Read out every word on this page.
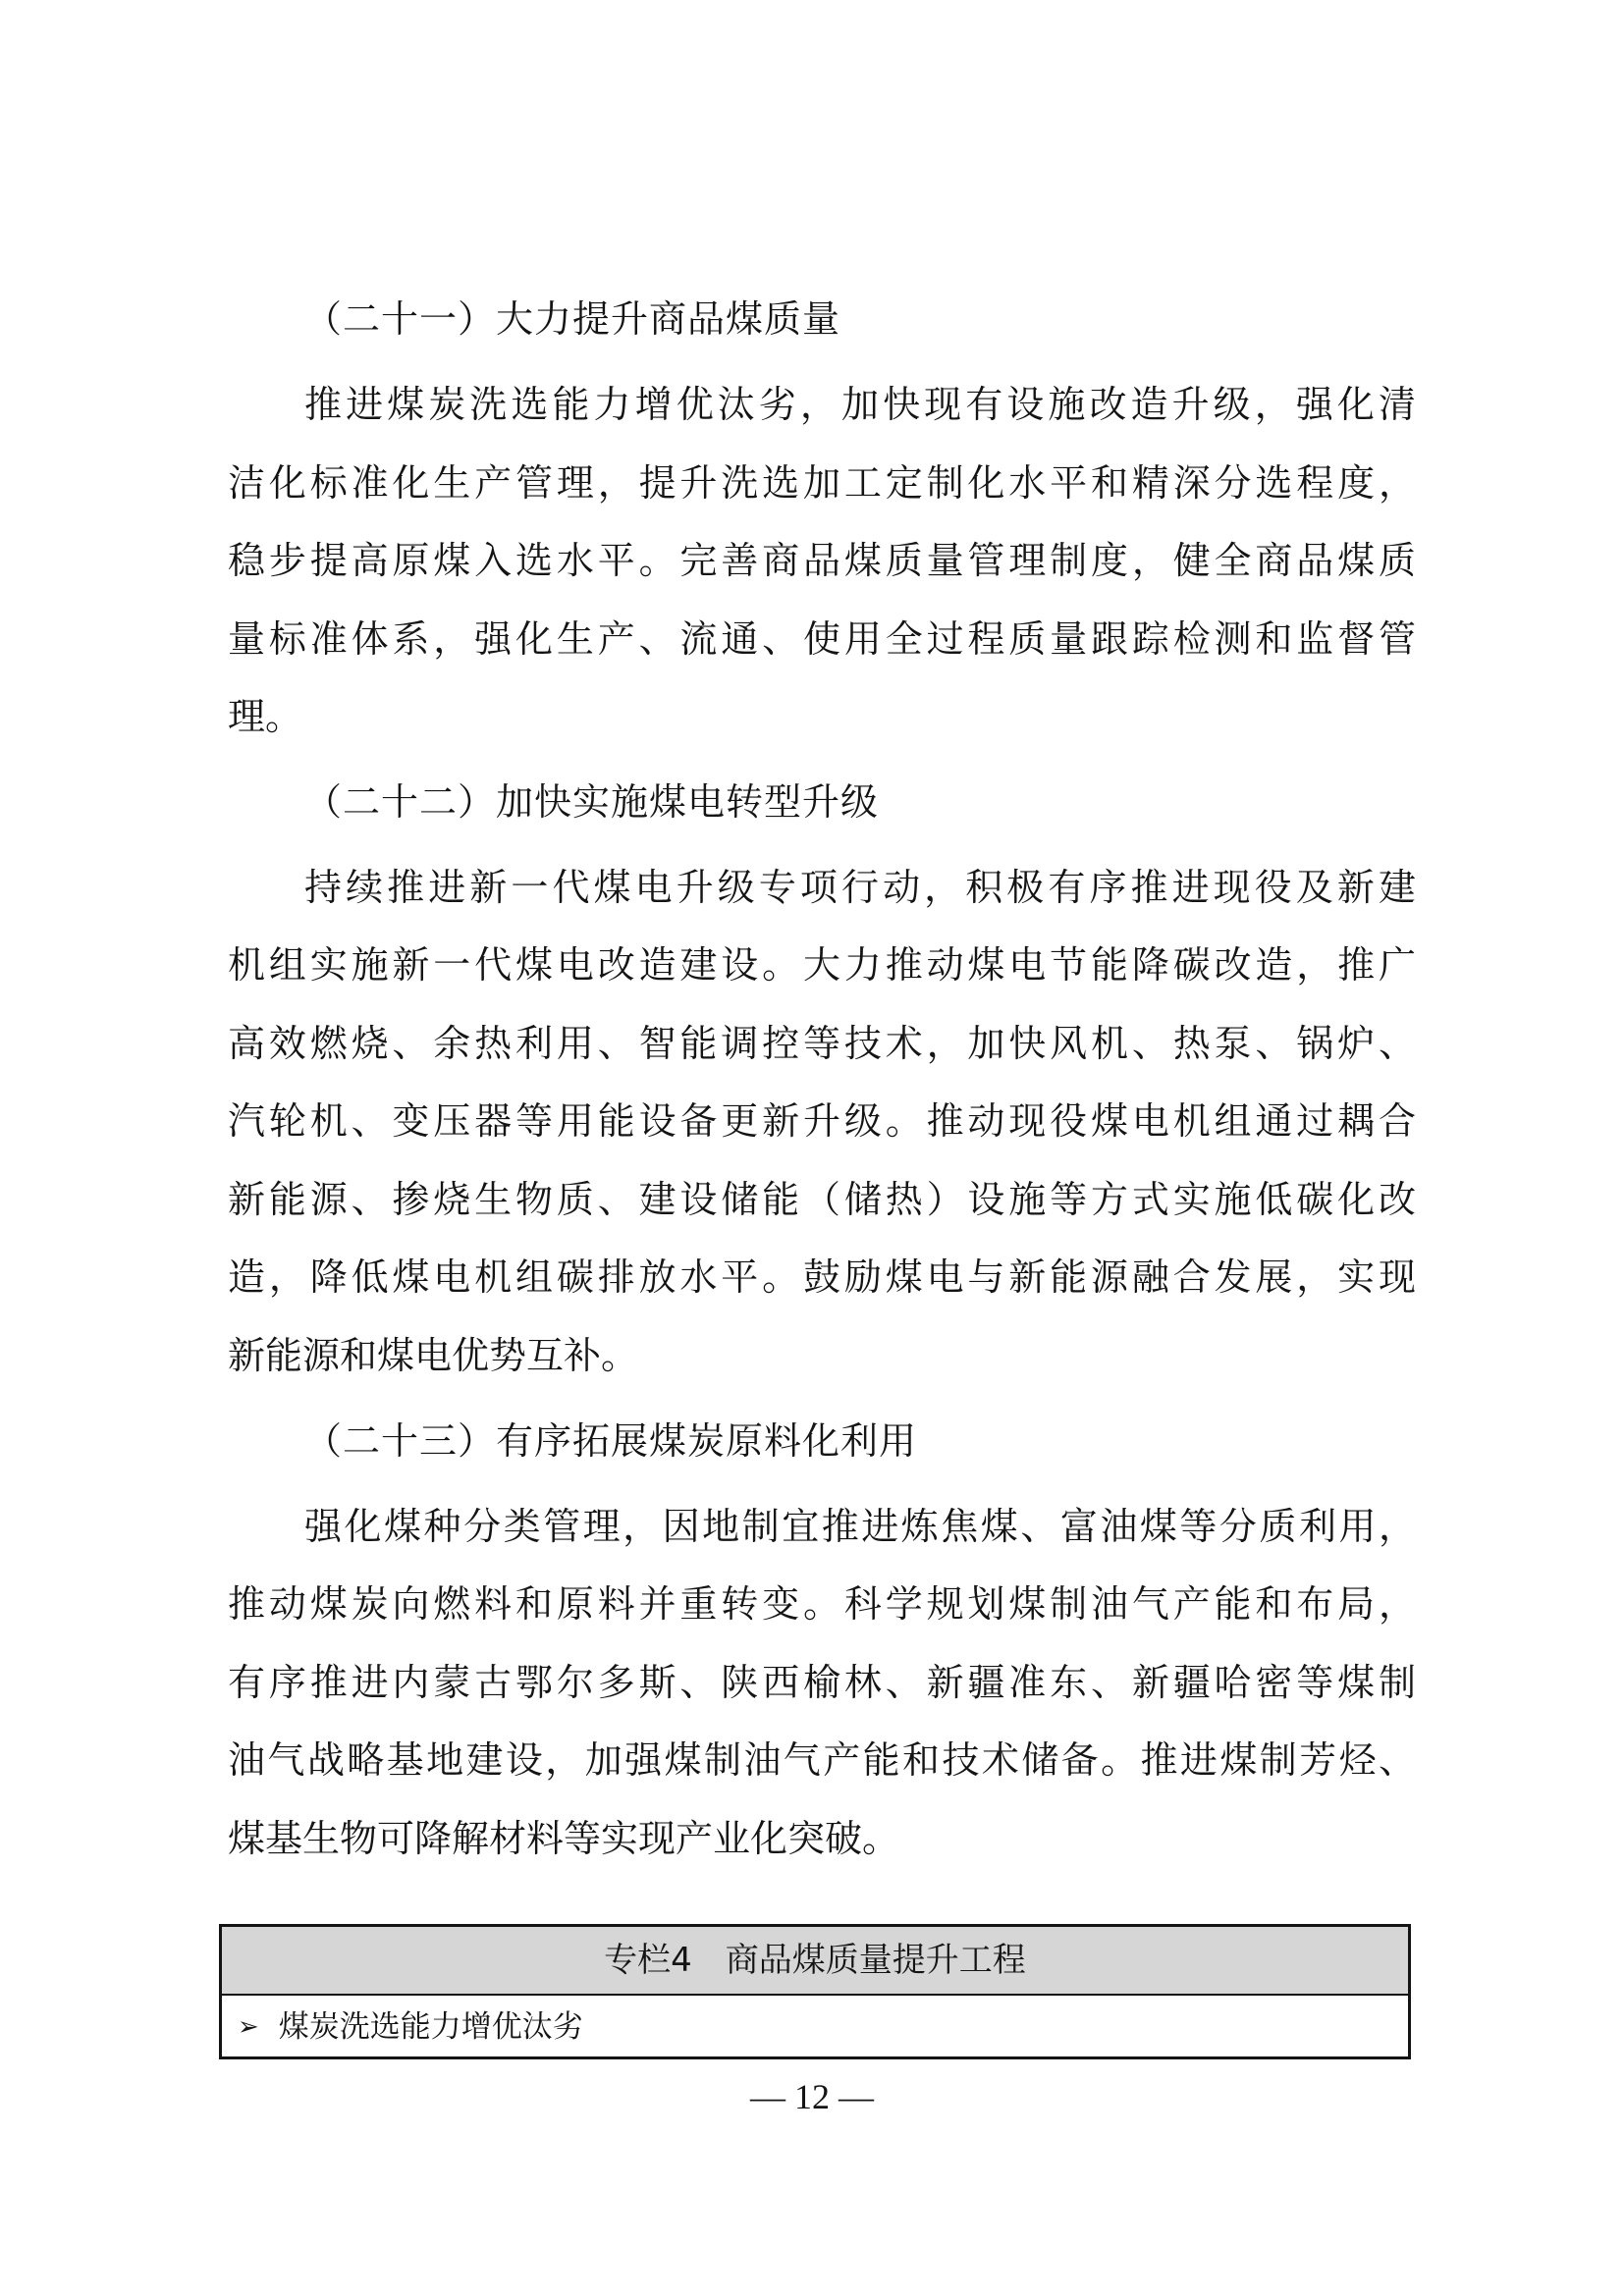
（二十一）大力提升商品煤质量
推进煤炭洗选能力增优汰劣，加快现有设施改造升级，强化清
洁化标准化生产管理，提升洗选加工定制化水平和精深分选程度，
稳步提高原煤入选水平。完善商品煤质量管理制度，健全商品煤质
量标准体系，强化生产、流通、使用全过程质量跟踪检测和监督管
理。
（二十二）加快实施煤电转型升级
持续推进新一代煤电升级专项行动，积极有序推进现役及新建
机组实施新一代煤电改造建设。大力推动煤电节能降碳改造，推广
高效燃烧、余热利用、智能调控等技术，加快风机、热泵、锅炉、
汽轮机、变压器等用能设备更新升级。推动现役煤电机组通过耦合
新能源、掺烧生物质、建设储能（储热）设施等方式实施低碳化改
造，降低煤电机组碳排放水平。鼓励煤电与新能源融合发展，实现
新能源和煤电优势互补。
（二十三）有序拓展煤炭原料化利用
强化煤种分类管理，因地制宜推进炼焦煤、富油煤等分质利用，
推动煤炭向燃料和原料并重转变。科学规划煤制油气产能和布局，
有序推进内蒙古鄂尔多斯、陕西榆林、新疆准东、新疆哈密等煤制
油气战略基地建设，加强煤制油气产能和技术储备。推进煤制芳烃、
煤基生物可降解材料等实现产业化突破。
专栏4　商品煤质量提升工程
➢ 煤炭洗选能力增优汰劣
— 12 —
